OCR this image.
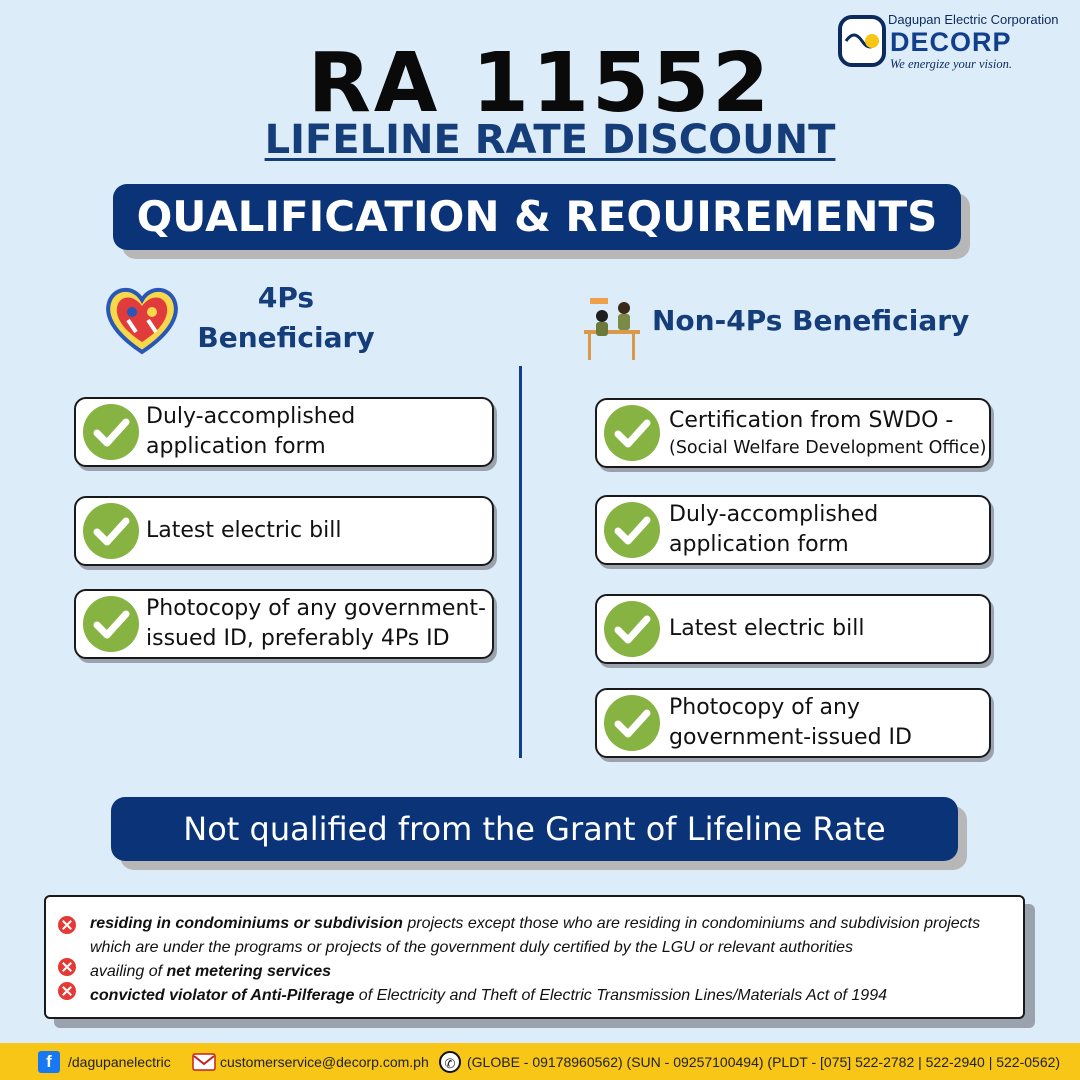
Dagupan Electric Corporation
DECORP
We energize your vision.
RA 11552
LIFELINE RATE DISCOUNT
QUALIFICATION & REQUIREMENTS
4Ps
Beneficiary
Non-4Ps Beneficiary
Duly-accomplished
application form
Latest electric bill
Photocopy of any government-
issued ID, preferably 4Ps ID
Certification from SWDO -
(Social Welfare Development Office)
Duly-accomplished
application form
Latest electric bill
Photocopy of any
government-issued ID
Not qualified from the Grant of Lifeline Rate
residing in condominiums or subdivision projects except those who are residing in condominiums and subdivision projects which are under the programs or projects of the government duly certified by the LGU or relevant authorities
availing of net metering services
convicted violator of Anti-Pilferage of Electricity and Theft of Electric Transmission Lines/Materials Act of 1994
f	/dagupanelectric	customerservice@decorp.com.ph	✆ (GLOBE - 09178960562) (SUN - 09257100494) (PLDT - [075] 522-2782 | 522-2940 | 522-0562)
